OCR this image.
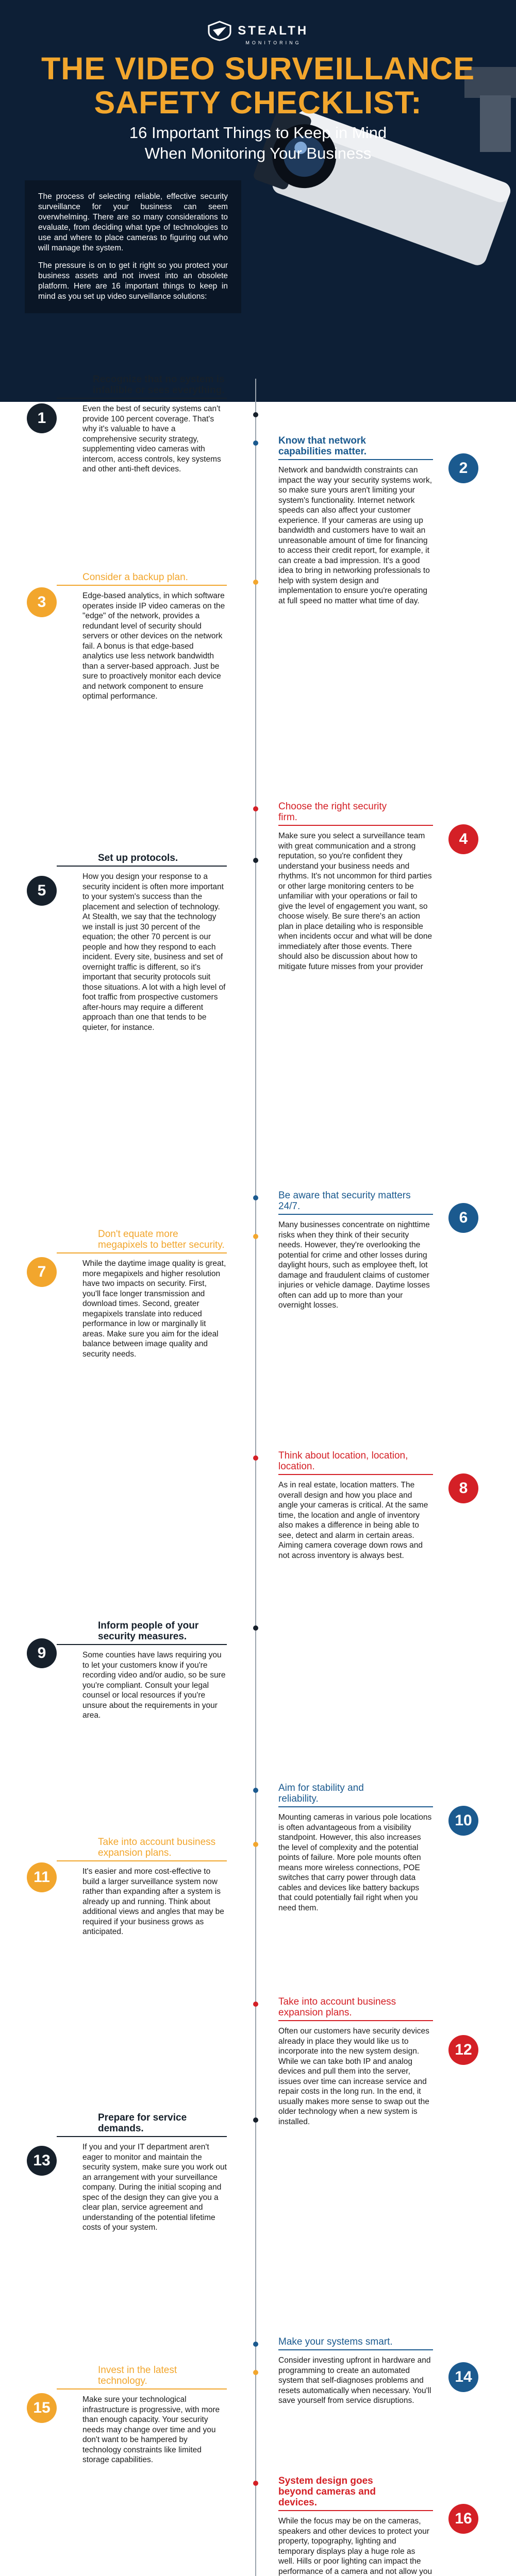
STEALTH
MONITORING
THE VIDEO SURVEILLANCE
SAFETY CHECKLIST:
16 Important Things to Keep in Mind
When Monitoring Your Business

The process of selecting reliable, effective security surveillance for your business can seem overwhelming. There are so many considerations to evaluate, from deciding what type of technologies to use and where to place cameras to figuring out who will manage the system.

The pressure is on to get it right so you protect your business assets and not invest into an obsolete platform. Here are 16 important things to keep in mind as you set up video surveillance solutions:

1
Recognize that no system is infallible or sees everything.
Even the best of security systems can't provide 100 percent coverage. That's why it's valuable to have a comprehensive security strategy, supplementing video cameras with intercom, access controls, key systems and other anti-theft devices.
Know that network capabilities matter.
Network and bandwidth constraints can impact the way your security systems work, so make sure yours aren't limiting your system's functionality. Internet network speeds can also affect your customer experience. If your cameras are using up bandwidth and customers have to wait an unreasonable amount of time for financing to access their credit report, for example, it can create a bad impression. It's a good idea to bring in networking professionals to help with system design and implementation to ensure you're operating at full speed no matter what time of day.
2
3
Consider a backup plan.
Edge-based analytics, in which software operates inside IP video cameras on the "edge" of the network, provides a redundant level of security should servers or other devices on the network fail. A bonus is that edge-based analytics use less network bandwidth than a server-based approach. Just be sure to proactively monitor each device and network component to ensure optimal performance.
Choose the right security firm.
Make sure you select a surveillance team with great communication and a strong reputation, so you're confident they understand your business needs and rhythms. It's not uncommon for third parties or other large monitoring centers to be unfamiliar with your operations or fail to give the level of engagement you want, so choose wisely. Be sure there's an action plan in place detailing who is responsible when incidents occur and what will be done immediately after those events. There should also be discussion about how to mitigate future misses from your provider
4
5
Set up protocols.
How you design your response to a security incident is often more important to your system's success than the placement and selection of technology. At Stealth, we say that the technology we install is just 30 percent of the equation; the other 70 percent is our people and how they respond to each incident. Every site, business and set of overnight traffic is different, so it's important that security protocols suit those situations. A lot with a high level of foot traffic from prospective customers after-hours may require a different approach than one that tends to be quieter, for instance.
Be aware that security matters 24/7.
Many businesses concentrate on nighttime risks when they think of their security needs. However, they're overlooking the potential for crime and other losses during daylight hours, such as employee theft, lot damage and fraudulent claims of customer injuries or vehicle damage. Daytime losses often can add up to more than your overnight losses.
6
7
Don't equate more megapixels to better security.
While the daytime image quality is great, more megapixels and higher resolution have two impacts on security. First, you'll face longer transmission and download times. Second, greater megapixels translate into reduced performance in low or marginally lit areas. Make sure you aim for the ideal balance between image quality and security needs.
Think about location, location, location.
As in real estate, location matters. The overall design and how you place and angle your cameras is critical. At the same time, the location and angle of inventory also makes a difference in being able to see, detect and alarm in certain areas. Aiming camera coverage down rows and not across inventory is always best.
8
9
Inform people of your security measures.
Some counties have laws requiring you to let your customers know if you're recording video and/or audio, so be sure you're compliant. Consult your legal counsel or local resources if you're unsure about the requirements in your area.
Aim for stability and reliability.
Mounting cameras in various pole locations is often advantageous from a visibility standpoint. However, this also increases the level of complexity and the potential points of failure. More pole mounts often means more wireless connections, POE switches that carry power through data cables and devices like battery backups that could potentially fail right when you need them.
10
11
Take into account business expansion plans.
It's easier and more cost-effective to build a larger surveillance system now rather than expanding after a system is already up and running. Think about additional views and angles that may be required if your business grows as anticipated.
Take into account business expansion plans.
Often our customers have security devices already in place they would like us to incorporate into the new system design. While we can take both IP and analog devices and pull them into the server, issues over time can increase service and repair costs in the long run. In the end, it usually makes more sense to swap out the older technology when a new system is installed.
12
13
Prepare for service demands.
If you and your IT department aren't eager to monitor and maintain the security system, make sure you work out an arrangement with your surveillance company. During the initial scoping and spec of the design they can give you a clear plan, service agreement and understanding of the potential lifetime costs of your system.
Make your systems smart.
Consider investing upfront in hardware and programming to create an automated system that self-diagnoses problems and resets automatically when necessary. You'll save yourself from service disruptions.
14
15
Invest in the latest technology.
Make sure your technological infrastructure is progressive, with more than enough capacity. Your security needs may change over time and you don't want to be hampered by technology constraints like limited storage capabilities.
System design goes beyond cameras and devices.
While the focus may be on the cameras, speakers and other devices to protect your property, topography, lighting and temporary displays play a huge role as well. Hills or poor lighting can impact the performance of a camera and not allow you
16
